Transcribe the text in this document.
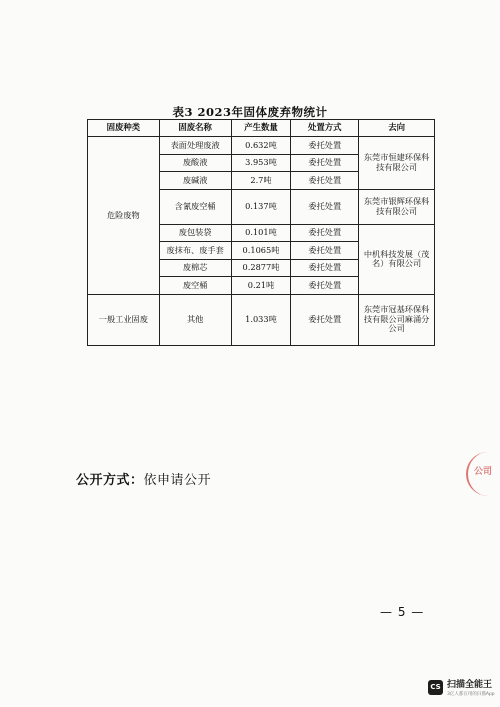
表3 2023年固体废弃物统计
固废种类	固废名称	产生数量	处置方式	去向
危险废物	表面处理废液	0.632吨	委托处置	东莞市恒建环保科技有限公司
	废酸液	3.953吨	委托处置	
	废碱液	2.7吨	委托处置	
	含氰废空桶	0.137吨	委托处置	东莞市银辉环保科技有限公司
	废包装袋	0.101吨	委托处置	中机科技发展（茂名）有限公司
	废抹布、废手套	0.1065吨	委托处置	
	废棉芯	0.2877吨	委托处置	
	废空桶	0.21吨	委托处置	
一般工业固废	其他	1.033吨	委托处置	东莞市冠基环保科技有限公司麻涌分公司
公开方式：依申请公开
公司
— 5 —
CS 扫描全能王
3亿人都在用的扫描App
